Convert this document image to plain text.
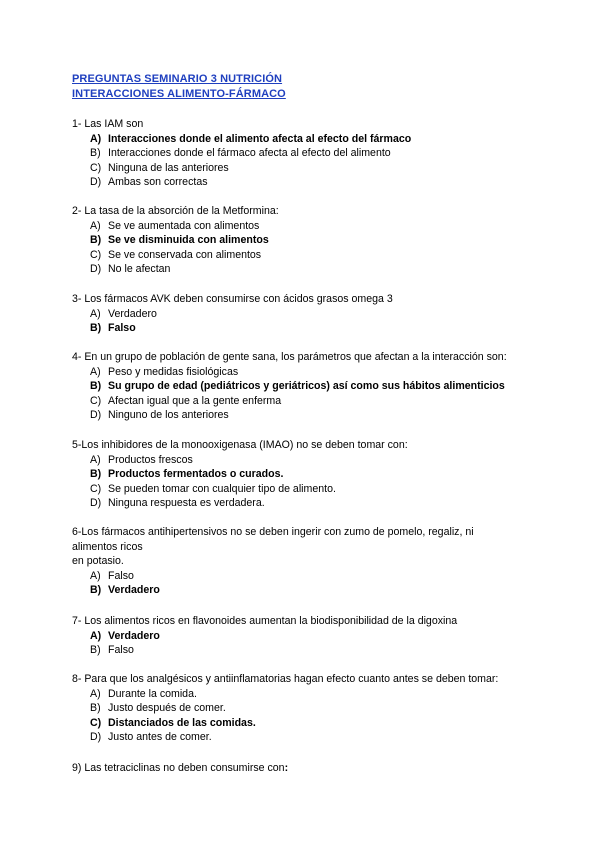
PREGUNTAS SEMINARIO 3 NUTRICIÓN
INTERACCIONES ALIMENTO-FÁRMACO

1- Las IAM son

A) Interacciones donde el alimento afecta al efecto del fármaco
B) Interacciones donde el fármaco afecta al efecto del alimento
C) Ninguna de las anteriores
D) Ambas son correctas

2- La tasa de la absorción de la Metformina:

A) Se ve aumentada con alimentos
B) Se ve disminuida con alimentos
C) Se ve conservada con alimentos
D) No le afectan

3- Los fármacos AVK deben consumirse con ácidos grasos omega 3

A) Verdadero
B) Falso

4- En un grupo de población de gente sana, los parámetros que afectan a la interacción son:

A) Peso y medidas fisiológicas
B) Su grupo de edad (pediátricos y geriátricos) así como sus hábitos alimenticios
C) Afectan igual que a la gente enferma
D) Ninguno de los anteriores

5-Los inhibidores de la monooxigenasa (IMAO) no se deben tomar con:

A) Productos frescos
B) Productos fermentados o curados.
C) Se pueden tomar con cualquier tipo de alimento.
D) Ninguna respuesta es verdadera.

6-Los fármacos antihipertensivos no se deben ingerir con zumo de pomelo, regaliz, ni

alimentos ricos

en potasio.

A) Falso
B) Verdadero

7- Los alimentos ricos en flavonoides aumentan la biodisponibilidad de la digoxina

A) Verdadero
B) Falso

8- Para que los analgésicos y antiinflamatorias hagan efecto cuanto antes se deben tomar:

A) Durante la comida.
B) Justo después de comer.
C) Distanciados de las comidas.
D) Justo antes de comer.

9) Las tetraciclinas no deben consumirse con:
